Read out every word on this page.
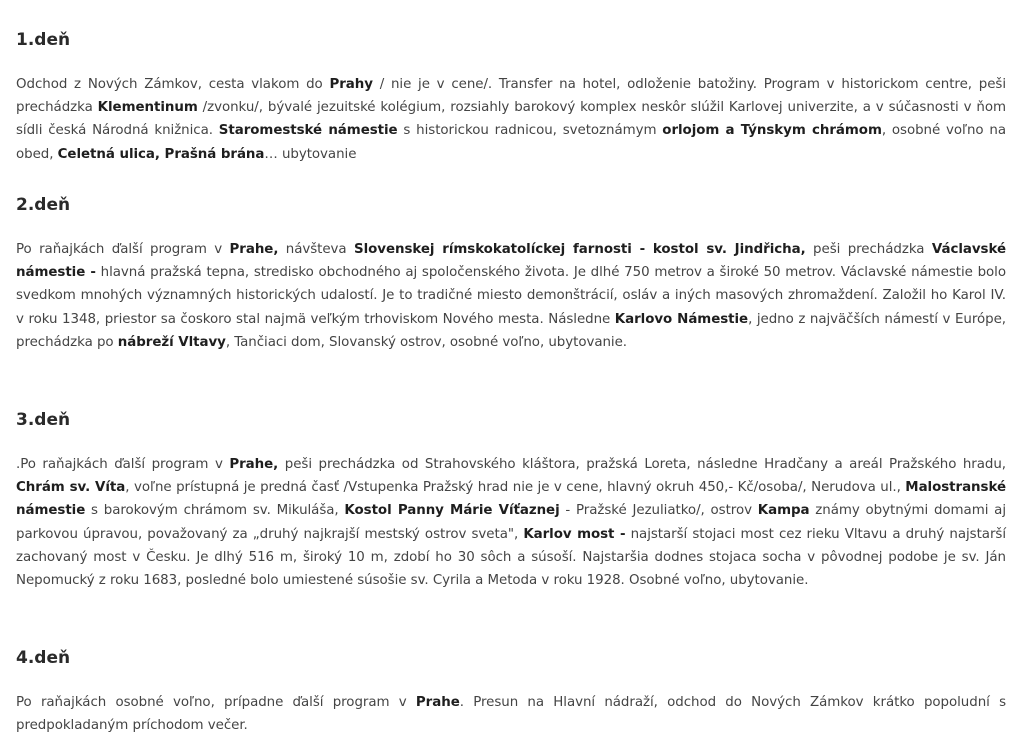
1.deň

Odchod z Nových Zámkov, cesta vlakom do Prahy / nie je v cene/. Transfer na hotel, odloženie batožiny. Program v historickom centre, peši prechádzka Klementinum /zvonku/, bývalé jezuitské kolégium, rozsiahly barokový komplex neskôr slúžil Karlovej univerzite, a v súčasnosti v ňom sídli česká Národná knižnica. Staromestské námestie s historickou radnicou, svetoznámym orlojom a Týnskym chrámom, osobné voľno na obed, Celetná ulica, Prašná brána… ubytovanie

2.deň

Po raňajkách ďalší program v Prahe, návšteva Slovenskej rímskokatolíckej farnosti - kostol sv. Jindřicha, peši prechádzka Václavské námestie - hlavná pražská tepna, stredisko obchodného aj spoločenského života. Je dlhé 750 metrov a široké 50 metrov. Václavské námestie bolo svedkom mnohých významných historických udalostí. Je to tradičné miesto demonštrácií, osláv a iných masových zhromaždení. Založil ho Karol IV. v roku 1348, priestor sa čoskoro stal najmä veľkým trhoviskom Nového mesta. Následne Karlovo Námestie, jedno z najväčších námestí v Európe, prechádzka po nábreží Vltavy, Tančiaci dom, Slovanský ostrov, osobné voľno, ubytovanie.

3.deň

.Po raňajkách ďalší program v Prahe, peši prechádzka od Strahovského kláštora, pražská Loreta, následne Hradčany a areál Pražského hradu, Chrám sv. Víta, voľne prístupná je predná časť /Vstupenka Pražský hrad nie je v cene, hlavný okruh 450,- Kč/osoba/, Nerudova ul., Malostranské námestie s barokovým chrámom sv. Mikuláša, Kostol Panny Márie Víťaznej - Pražské Jezuliatko/, ostrov Kampa známy obytnými domami aj parkovou úpravou, považovaný za „druhý najkrajší mestský ostrov sveta", Karlov most - najstarší stojaci most cez rieku Vltavu a druhý najstarší zachovaný most v Česku. Je dlhý 516 m, široký 10 m, zdobí ho 30 sôch a súsoší. Najstaršia dodnes stojaca socha v pôvodnej podobe je sv. Ján Nepomucký z roku 1683, posledné bolo umiestené súsošie sv. Cyrila a Metoda v roku 1928. Osobné voľno, ubytovanie.

4.deň

Po raňajkách osobné voľno, prípadne ďalší program v Prahe. Presun na Hlavní nádraží, odchod do Nových Zámkov krátko popoludní s predpokladaným príchodom večer.
